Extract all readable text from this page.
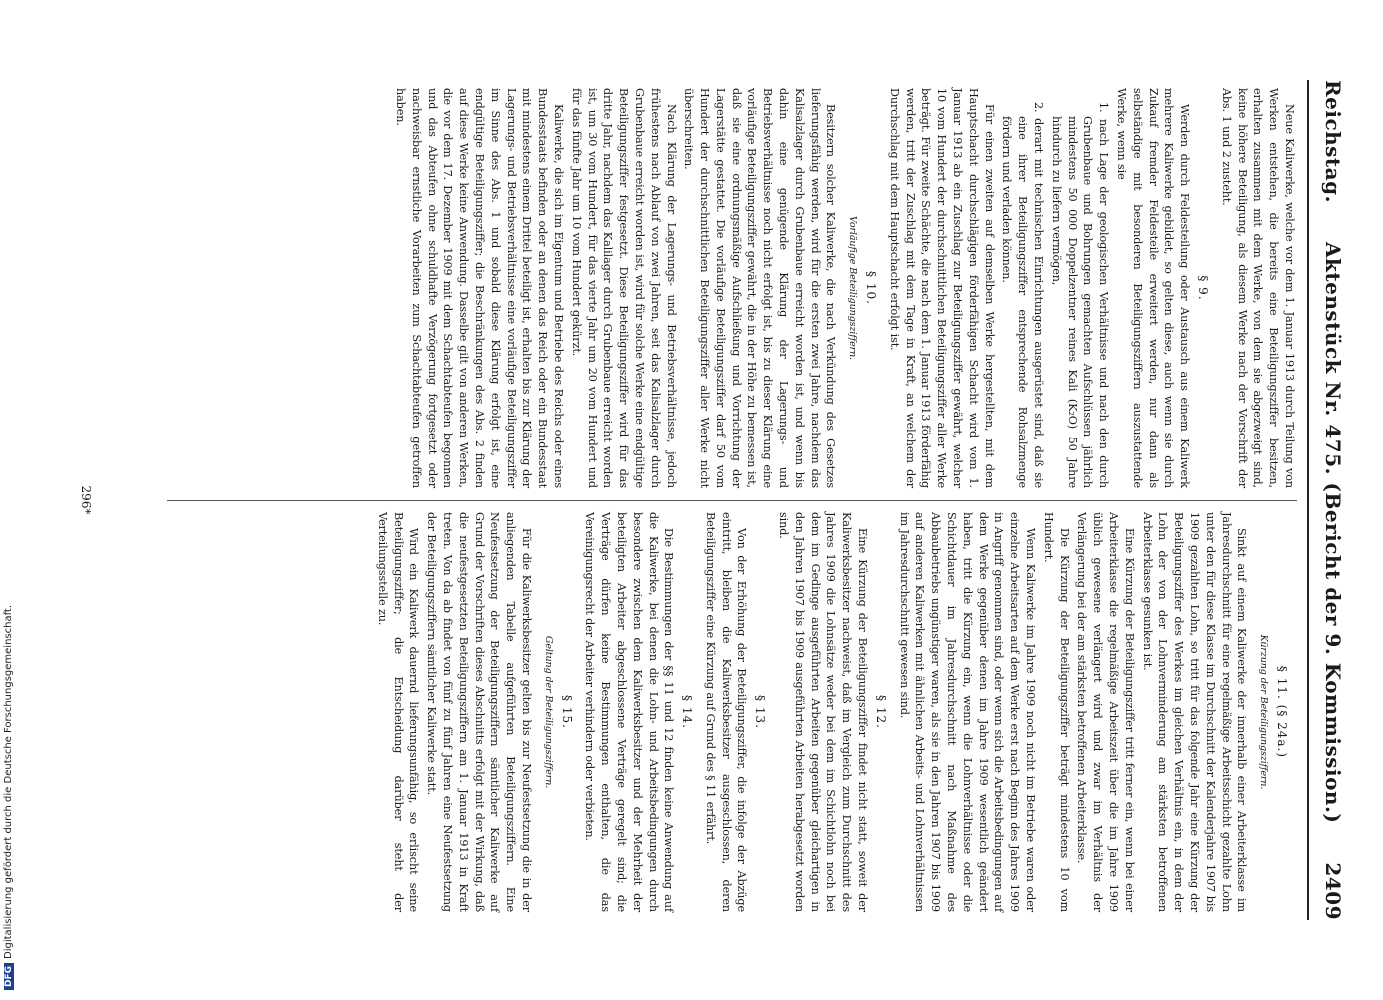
Reichstag.
Aktenstück Nr. 475. (Bericht der 9. Kommission.)
2409
Neue Kaliwerke, welche vor dem 1. Januar 1913 durch Teilung von Werken entstehen, die bereits eine Beteiligungsziffer besitzen, erhalten zusammen mit dem Werke, von dem sie abgezweigt sind, keine höhere Beteiligung, als diesem Werke nach der Vorschrift der Abs. 1 und 2 zusteht.
§ 9.
Werden durch Feldesteilung oder Austausch aus einem Kaliwerk mehrere Kaliwerke gebildet, so gelten diese, auch wenn sie durch Zukauf fremder Feldesteile erweitert werden, nur dann als selbständige mit besonderen Beteiligungsziffern auszustattende Werke, wenn sie
1. nach Lage der geologischen Verhältnisse und nach den durch Grubenbaue und Bohrungen gemachten Aufschlüssen jährlich mindestens 50 000 Doppelzentner reines Kali (K₂O) 50 Jahre hindurch zu liefern vermögen,
2. derart mit technischen Einrichtungen ausgerüstet sind, daß sie eine ihrer Beteiligungsziffer entsprechende Rohsalzmenge fördern und verladen können.
Für einen zweiten auf demselben Werke hergestellten, mit dem Hauptschacht durchschlägigen förderfähigen Schacht wird vom 1. Januar 1913 ab ein Zuschlag zur Beteiligungsziffer gewährt, welcher 10 vom Hundert der durchschnittlichen Beteiligungsziffer aller Werke beträgt. Für zweite Schächte, die nach dem 1. Januar 1913 förderfähig werden, tritt der Zuschlag mit dem Tage in Kraft, an welchem der Durchschlag mit dem Hauptschacht erfolgt ist.
§ 10.
Vorläufige Beteiligungsziffern.
Besitzern solcher Kaliwerke, die nach Verkündung des Gesetzes lieferungsfähig werden, wird für die ersten zwei Jahre, nachdem das Kalisalzlager durch Grubenbaue erreicht worden ist, und wenn bis dahin eine genügende Klärung der Lagerungs- und Betriebsverhältnisse noch nicht erfolgt ist, bis zu dieser Klärung eine vorläufige Beteiligungsziffer gewährt, die in der Höhe zu bemessen ist, daß sie eine ordnungsmäßige Aufschließung und Vorrichtung der Lagerstätte gestattet. Die vorläufige Beteiligungsziffer darf 50 vom Hundert der durchschnittlichen Beteiligungsziffer aller Werke nicht überschreiten.
Nach Klärung der Lagerungs- und Betriebsverhältnisse, jedoch frühestens nach Ablauf von zwei Jahren, seit das Kalisalzlager durch Grubenbaue erreicht worden ist, wird für solche Werke eine endgültige Beteiligungsziffer festgesetzt. Diese Beteiligungsziffer wird für das dritte Jahr, nachdem das Kalilager durch Grubenbaue erreicht worden ist, um 30 vom Hundert, für das vierte Jahr um 20 vom Hundert und für das fünfte Jahr um 10 vom Hundert gekürzt.
Kaliwerke, die sich im Eigentum und Betriebe des Reichs oder eines Bundesstaats befinden oder an denen das Reich oder ein Bundesstaat mit mindestens einem Drittel beteiligt ist, erhalten bis zur Klärung der Lagerungs- und Betriebsverhältnisse eine vorläufige Beteiligungsziffer im Sinne des Abs. 1 und sobald diese Klärung erfolgt ist, eine endgültige Beteiligungsziffer; die Beschränkungen des Abs. 2 finden auf diese Werke keine Anwendung. Dasselbe gilt von anderen Werken, die vor dem 17. Dezember 1909 mit dem Schachtabteufen begonnen und das Abteufen ohne schuldhafte Verzögerung fortgesetzt oder nachweisbar ernstliche Vorarbeiten zum Schachtabteufen getroffen haben.
§ 11. (§ 24a.)
Kürzung der Beteiligungsziffern.
Sinkt auf einem Kaliwerke der innerhalb einer Arbeiterklasse im Jahresdurchschnitt für eine regelmäßige Arbeitsschicht gezahlte Lohn unter den für diese Klasse im Durchschnitt der Kalenderjahre 1907 bis 1909 gezahlten Lohn, so tritt für das folgende Jahr eine Kürzung der Beteiligungsziffer des Werkes im gleichen Verhältnis ein, in dem der Lohn der von der Lohnverminderung am stärksten betroffenen Arbeiterklasse gesunken ist.
Eine Kürzung der Beteiligungsziffer tritt ferner ein, wenn bei einer Arbeiterklasse die regelmäßige Arbeitszeit über die im Jahre 1909 üblich gewesene verlängert wird und zwar im Verhältnis der Verlängerung bei der am stärksten betroffenen Arbeiterklasse.
Die Kürzung der Beteiligungsziffer beträgt mindestens 10 vom Hundert.
Wenn Kaliwerke im Jahre 1909 noch nicht im Betriebe waren oder einzelne Arbeitsarten auf dem Werke erst nach Beginn des Jahres 1909 in Angriff genommen sind, oder wenn sich die Arbeitsbedingungen auf dem Werke gegenüber denen im Jahre 1909 wesentlich geändert haben, tritt die Kürzung ein, wenn die Lohnverhältnisse oder die Schichtdauer im Jahresdurchschnitt nach Maßnahme des Abbaubetriebs ungünstiger waren, als sie in den Jahren 1907 bis 1909 auf anderen Kaliwerken mit ähnlichen Arbeits- und Lohnverhältnissen im Jahresdurchschnitt gewesen sind.
§ 12.
Eine Kürzung der Beteiligungsziffer findet nicht statt, soweit der Kaliwerksbesitzer nachweist, daß im Vergleich zum Durchschnitt des Jahres 1909 die Lohnsätze weder bei dem im Schichtlohn noch bei dem im Gedinge ausgeführten Arbeiten gegenüber gleichartigen in den Jahren 1907 bis 1909 ausgeführten Arbeiten herabgesetzt worden sind.
§ 13.
Von der Erhöhung der Beteiligungsziffer, die infolge der Abzüge eintritt, bleiben die Kaliwerksbesitzer ausgeschlossen, deren Beteiligungsziffer eine Kürzung auf Grund des § 11 erfährt.
§ 14.
Die Bestimmungen der §§ 11 und 12 finden keine Anwendung auf die Kaliwerke, bei denen die Lohn- und Arbeitsbedingungen durch besondere zwischen dem Kaliwerksbesitzer und der Mehrheit der beteiligten Arbeiter abgeschlossene Verträge geregelt sind; die Verträge dürfen keine Bestimmungen enthalten, die das Vereinigungsrecht der Arbeiter verhindern oder verbieten.
§ 15.
Geltung der Beteiligungsziffern.
Für die Kaliwerksbesitzer gelten bis zur Neufestsetzung die in der anliegenden Tabelle aufgeführten Beteiligungsziffern. Eine Neufestsetzung der Beteiligungsziffern sämtlicher Kaliwerke auf Grund der Vorschriften dieses Abschnitts erfolgt mit der Wirkung, daß die neufestgesetzten Beteiligungsziffern am 1. Januar 1913 in Kraft treten. Von da ab findet von fünf zu fünf Jahren eine Neufestsetzung der Beteiligungsziffern sämtlicher Kaliwerke statt.
Wird ein Kaliwerk dauernd lieferungsunfähig, so erlischt seine Beteiligungsziffer; die Entscheidung darüber steht der Verteilungsstelle zu.
296*
DFGDigitalisierung gefördert durch die Deutsche Forschungsgemeinschaft.
